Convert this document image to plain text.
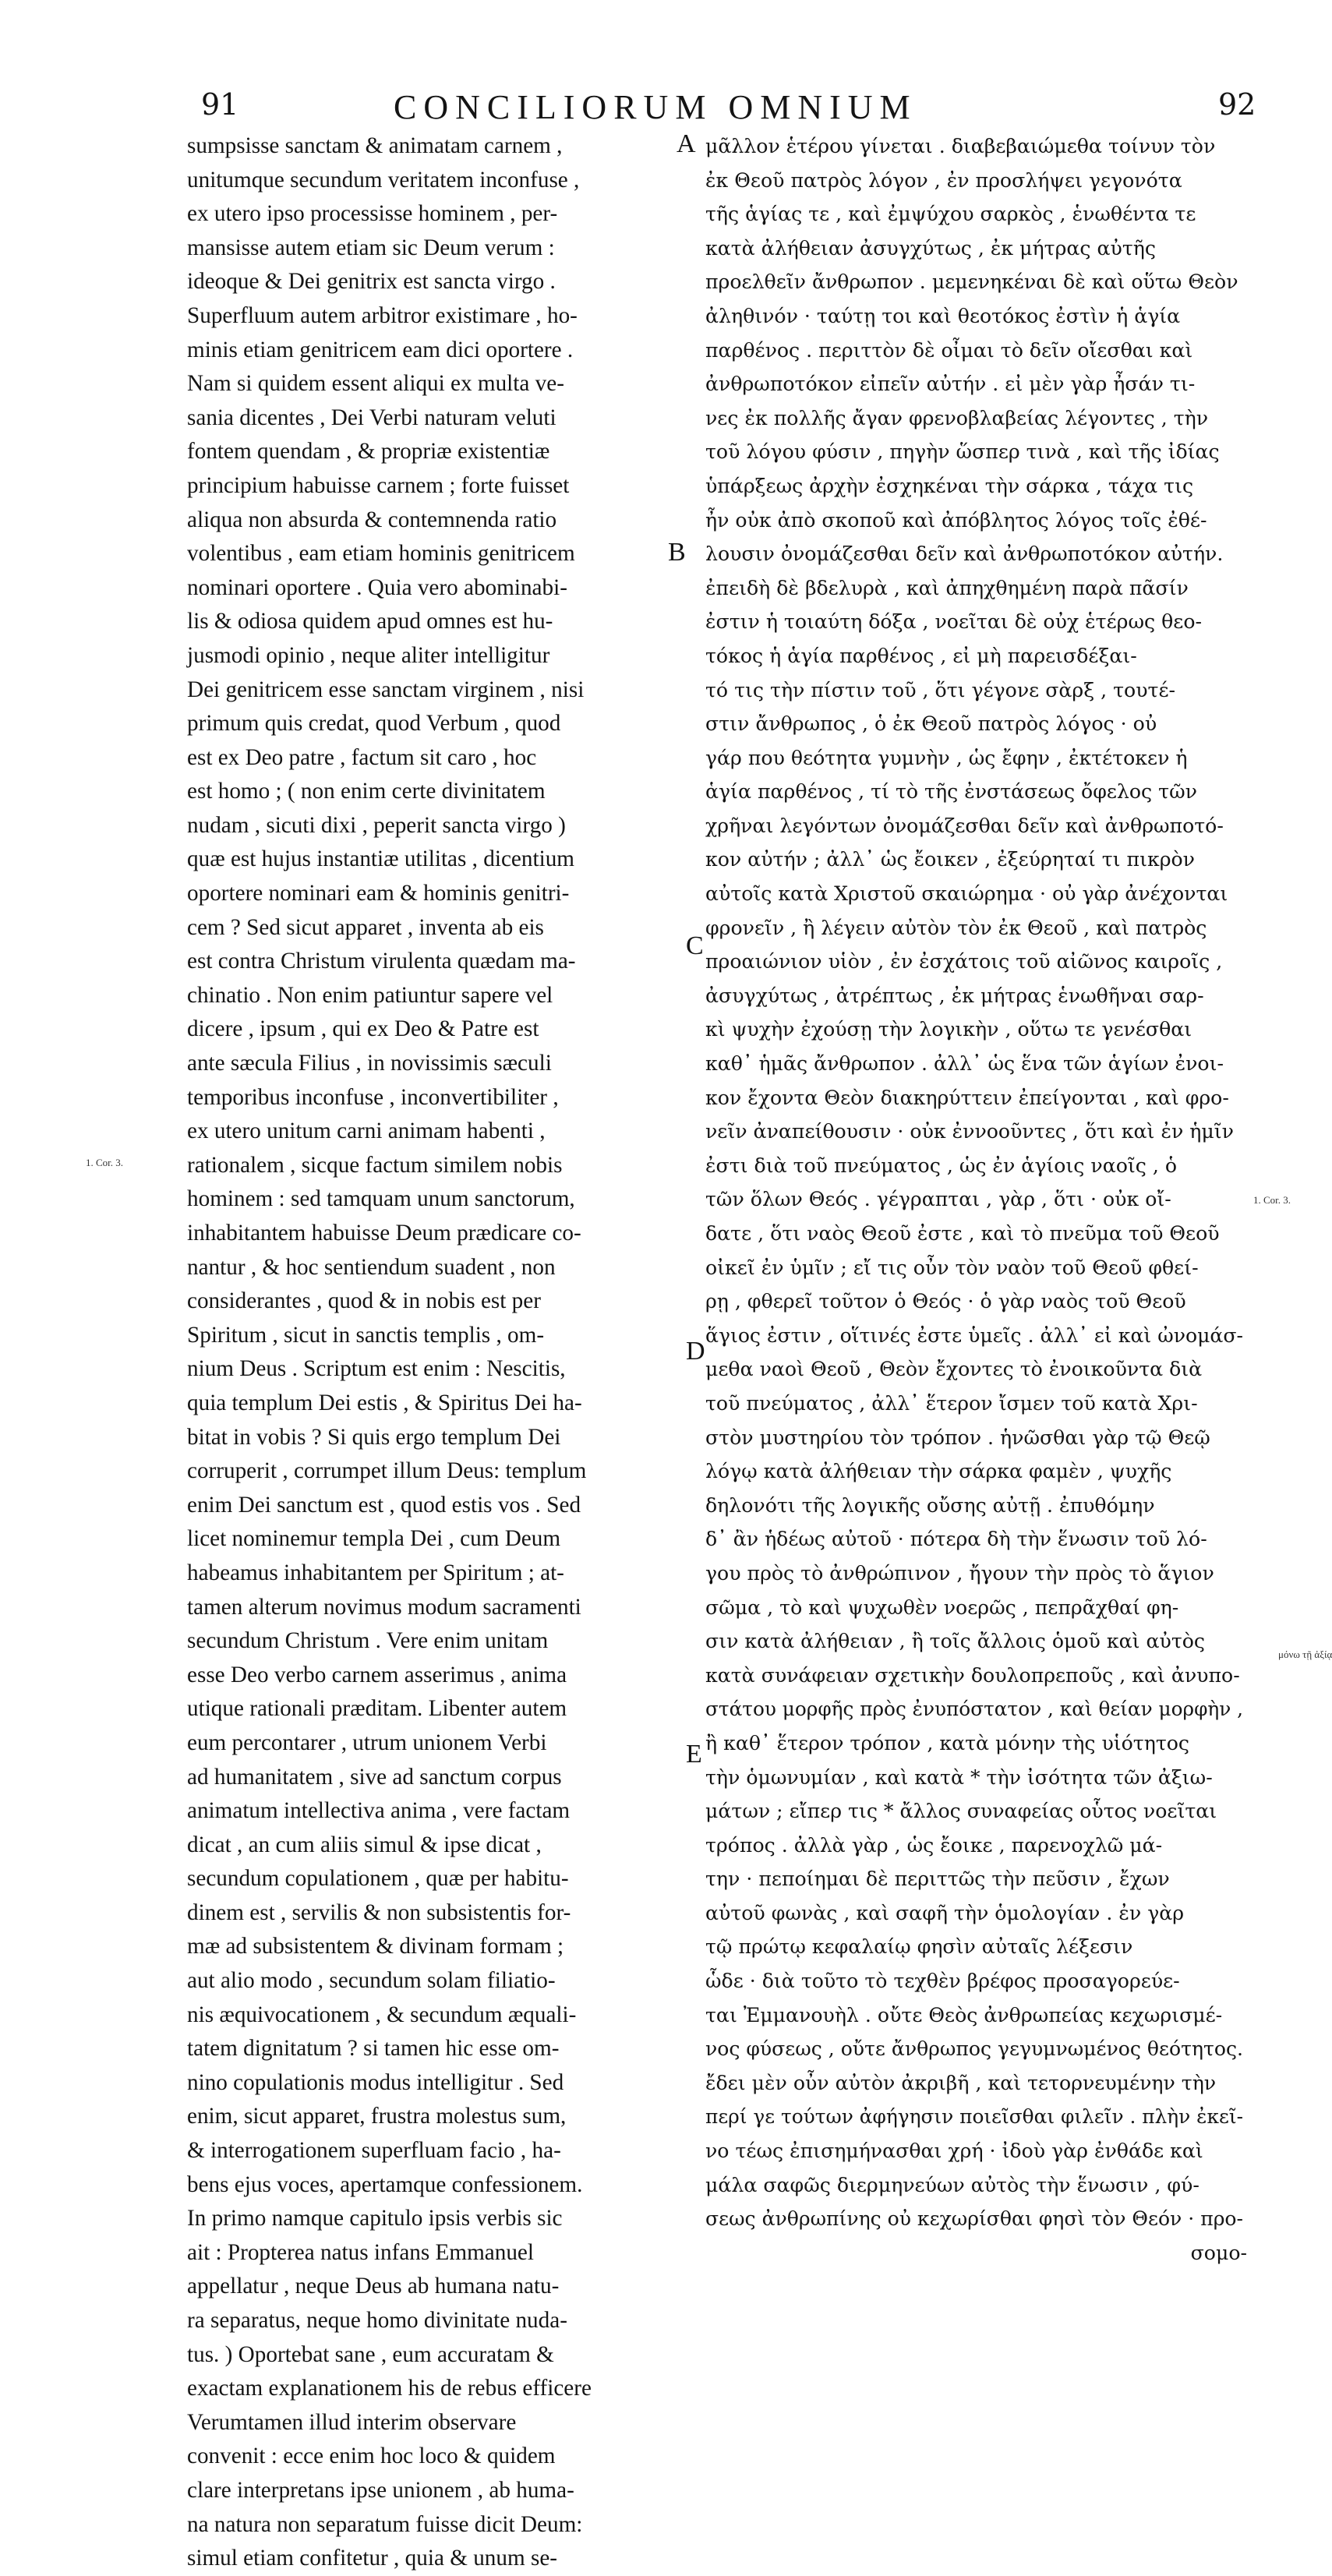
91	CONCILIORUM OMNIUM	92
sumpsisse sanctam & animatam carnem ,
unitumque secundum veritatem inconfuse ,
ex utero ipso processisse hominem , per-
mansisse autem etiam sic Deum verum :
ideoque & Dei genitrix est sancta virgo .
Superfluum autem arbitror existimare , ho-
minis etiam genitricem eam dici oportere .
Nam si quidem essent aliqui ex multa ve-
sania dicentes , Dei Verbi naturam veluti
fontem quendam , & propriæ existentiæ
principium habuisse carnem ; forte fuisset
aliqua non absurda & contemnenda ratio
volentibus , eam etiam hominis genitricem
nominari oportere . Quia vero abominabi-
lis & odiosa quidem apud omnes est hu-
jusmodi opinio , neque aliter intelligitur
Dei genitricem esse sanctam virginem , nisi
primum quis credat, quod Verbum , quod
est ex Deo patre , factum sit caro , hoc
est homo ; ( non enim certe divinitatem
nudam , sicuti dixi , peperit sancta virgo )
quæ est hujus instantiæ utilitas , dicentium
oportere nominari eam & hominis genitri-
cem ? Sed sicut apparet , inventa ab eis
est contra Christum virulenta quædam ma-
chinatio . Non enim patiuntur sapere vel
dicere , ipsum , qui ex Deo & Patre est
ante sæcula Filius , in novissimis sæculi
temporibus inconfuse , inconvertibiliter ,
ex utero unitum carni animam habenti ,
rationalem , sicque factum similem nobis
hominem : sed tamquam unum sanctorum,
inhabitantem habuisse Deum prædicare co-
nantur , & hoc sentiendum suadent , non
considerantes , quod & in nobis est per
Spiritum , sicut in sanctis templis , om-
nium Deus . Scriptum est enim : Nescitis,
quia templum Dei estis , & Spiritus Dei ha-
bitat in vobis ? Si quis ergo templum Dei
corruperit , corrumpet illum Deus: templum
enim Dei sanctum est , quod estis vos . Sed
licet nominemur templa Dei , cum Deum
habeamus inhabitantem per Spiritum ; at-
tamen alterum novimus modum sacramenti
secundum Christum . Vere enim unitam
esse Deo verbo carnem asserimus , anima
utique rationali præditam. Libenter autem
eum percontarer , utrum unionem Verbi
ad humanitatem , sive ad sanctum corpus
animatum intellectiva anima , vere factam
dicat , an cum aliis simul & ipse dicat ,
secundum copulationem , quæ per habitu-
dinem est , servilis & non subsistentis for-
mæ ad subsistentem & divinam formam ;
aut alio modo , secundum solam filiatio-
nis æquivocationem , & secundum æquali-
tatem dignitatum ? si tamen hic esse om-
nino copulationis modus intelligitur . Sed
enim, sicut apparet, frustra molestus sum,
& interrogationem superfluam facio , ha-
bens ejus voces, apertamque confessionem.
In primo namque capitulo ipsis verbis sic
ait : Propterea natus infans Emmanuel
appellatur , neque Deus ab humana natu-
ra separatus, neque homo divinitate nuda-
tus. ) Oportebat sane , eum accuratam &
exactam explanationem his de rebus efficere
Verumtamen illud interim observare
convenit : ecce enim hoc loco & quidem
clare interpretans ipse unionem , ab huma-
na natura non separatum fuisse dicit Deum:
simul etiam confitetur , quia & unum se-
μᾶλλον ἑτέρου γίνεται . διαβεβαιώμεθα τοίνυν τὸν
ἐκ Θεοῦ πατρὸς λόγον , ἐν προσλήψει γεγονότα
τῆς ἁγίας τε , καὶ ἐμψύχου σαρκὸς , ἑνωθέντα τε
κατὰ ἀλήθειαν ἀσυγχύτως , ἐκ μήτρας αὐτῆς
προελθεῖν ἄνθρωπον . μεμενηκέναι δὲ καὶ οὕτω Θεὸν
ἀληθινόν · ταύτῃ τοι καὶ θεοτόκος ἐστὶν ἡ ἁγία
παρθένος . περιττὸν δὲ οἶμαι τὸ δεῖν οἴεσθαι καὶ
ἀνθρωποτόκον εἰπεῖν αὐτήν . εἰ μὲν γὰρ ἦσάν τι-
νες ἐκ πολλῆς ἄγαν φρενοβλαβείας λέγοντες , τὴν
τοῦ λόγου φύσιν , πηγὴν ὥσπερ τινὰ , καὶ τῆς ἰδίας
ὑπάρξεως ἀρχὴν ἐσχηκέναι τὴν σάρκα , τάχα τις
ἦν οὐκ ἀπὸ σκοποῦ καὶ ἀπόβλητος λόγος τοῖς ἐθέ-
λουσιν ὀνομάζεσθαι δεῖν καὶ ἀνθρωποτόκον αὐτήν.
ἐπειδὴ δὲ βδελυρὰ , καὶ ἀπηχθημένη παρὰ πᾶσίν
ἐστιν ἡ τοιαύτη δόξα , νοεῖται δὲ οὐχ ἑτέρως θεο-
τόκος ἡ ἁγία παρθένος , εἰ μὴ παρεισδέξαι-
τό τις τὴν πίστιν τοῦ , ὅτι γέγονε σὰρξ , τουτέ-
στιν ἄνθρωπος , ὁ ἐκ Θεοῦ πατρὸς λόγος · οὐ
γάρ που θεότητα γυμνὴν , ὡς ἔφην , ἐκτέτοκεν ἡ
ἁγία παρθένος , τί τὸ τῆς ἐνστάσεως ὄφελος τῶν
χρῆναι λεγόντων ὀνομάζεσθαι δεῖν καὶ ἀνθρωποτό-
κον αὐτήν ; ἀλλ᾽ ὡς ἔοικεν , ἐξεύρηταί τι πικρὸν
αὐτοῖς κατὰ Χριστοῦ σκαιώρημα · οὐ γὰρ ἀνέχονται
φρονεῖν , ἢ λέγειν αὐτὸν τὸν ἐκ Θεοῦ , καὶ πατρὸς
προαιώνιον υἱὸν , ἐν ἐσχάτοις τοῦ αἰῶνος καιροῖς ,
ἀσυγχύτως , ἀτρέπτως , ἐκ μήτρας ἑνωθῆναι σαρ-
κὶ ψυχὴν ἐχούσῃ τὴν λογικὴν , οὕτω τε γενέσθαι
καθ᾽ ἡμᾶς ἄνθρωπον . ἀλλ᾽ ὡς ἕνα τῶν ἁγίων ἐνοι-
κον ἔχοντα Θεὸν διακηρύττειν ἐπείγονται , καὶ φρο-
νεῖν ἀναπείθουσιν · οὐκ ἐννοοῦντες , ὅτι καὶ ἐν ἡμῖν
ἐστι διὰ τοῦ πνεύματος , ὡς ἐν ἁγίοις ναοῖς , ὁ
τῶν ὅλων Θεός . γέγραπται , γὰρ , ὅτι · οὐκ οἴ-
δατε , ὅτι ναὸς Θεοῦ ἐστε , καὶ τὸ πνεῦμα τοῦ Θεοῦ
οἰκεῖ ἐν ὑμῖν ; εἴ τις οὖν τὸν ναὸν τοῦ Θεοῦ φθεί-
ρῃ , φθερεῖ τοῦτον ὁ Θεός · ὁ γὰρ ναὸς τοῦ Θεοῦ
ἅγιος ἐστιν , οἵτινές ἐστε ὑμεῖς . ἀλλ᾽ εἰ καὶ ὠνομάσ-
μεθα ναοὶ Θεοῦ , Θεὸν ἔχοντες τὸ ἐνοικοῦντα διὰ
τοῦ πνεύματος , ἀλλ᾽ ἕτερον ἴσμεν τοῦ κατὰ Χρι-
στὸν μυστηρίου τὸν τρόπον . ἡνῶσθαι γὰρ τῷ Θεῷ
λόγῳ κατὰ ἀλήθειαν τὴν σάρκα φαμὲν , ψυχῆς
δηλονότι τῆς λογικῆς οὔσης αὐτῇ . ἐπυθόμην
δ᾽ ἂν ἡδέως αὐτοῦ · πότερα δὴ τὴν ἕνωσιν τοῦ λό-
γου πρὸς τὸ ἀνθρώπινον , ἤγουν τὴν πρὸς τὸ ἅγιον
σῶμα , τὸ καὶ ψυχωθὲν νοερῶς , πεπρᾶχθαί φη-
σιν κατὰ ἀλήθειαν , ἢ τοῖς ἄλλοις ὁμοῦ καὶ αὐτὸς
κατὰ συνάφειαν σχετικὴν δουλοπρεποῦς , καὶ ἀνυπο-
στάτου μορφῆς πρὸς ἐνυπόστατον , καὶ θείαν μορφὴν ,
ἢ καθ᾽ ἕτερον τρόπον , κατὰ μόνην τὴς υἱότητος
τὴν ὁμωνυμίαν , καὶ κατὰ * τὴν ἰσότητα τῶν ἀξιω-
μάτων ; εἴπερ τις * ἄλλος συναφείας οὗτος νοεῖται
τρόπος . ἀλλὰ γὰρ , ὡς ἔοικε , παρενοχλῶ μά-
την · πεποίημαι δὲ περιττῶς τὴν πεῦσιν , ἔχων
αὐτοῦ φωνὰς , καὶ σαφῆ τὴν ὁμολογίαν . ἐν γὰρ
τῷ πρώτῳ κεφαλαίῳ φησὶν αὐταῖς λέξεσιν
ὧδε · διὰ τοῦτο τὸ τεχθὲν βρέφος προσαγορεύε-
ται Ἐμμανουὴλ . οὔτε Θεὸς ἀνθρωπείας κεχωρισμέ-
νος φύσεως , οὔτε ἄνθρωπος γεγυμνωμένος θεότητος.
ἔδει μὲν οὖν αὐτὸν ἀκριβῆ , καὶ τετορνευμένην τὴν
περί γε τούτων ἀφήγησιν ποιεῖσθαι φιλεῖν . πλὴν ἐκεῖ-
νο τέως ἐπισημήνασθαι χρή · ἰδοὺ γὰρ ἐνθάδε καὶ
μάλα σαφῶς διερμηνεύων αὐτὸς τὴν ἕνωσιν , φύ-
σεως ἀνθρωπίνης οὐ κεχωρίσθαι φησὶ τὸν Θεόν · προ-
σομο-
A
B
C
D
E
1. Cor. 3.
1. Cor. 3.
μόνω τῇ ἀξίᾳ
